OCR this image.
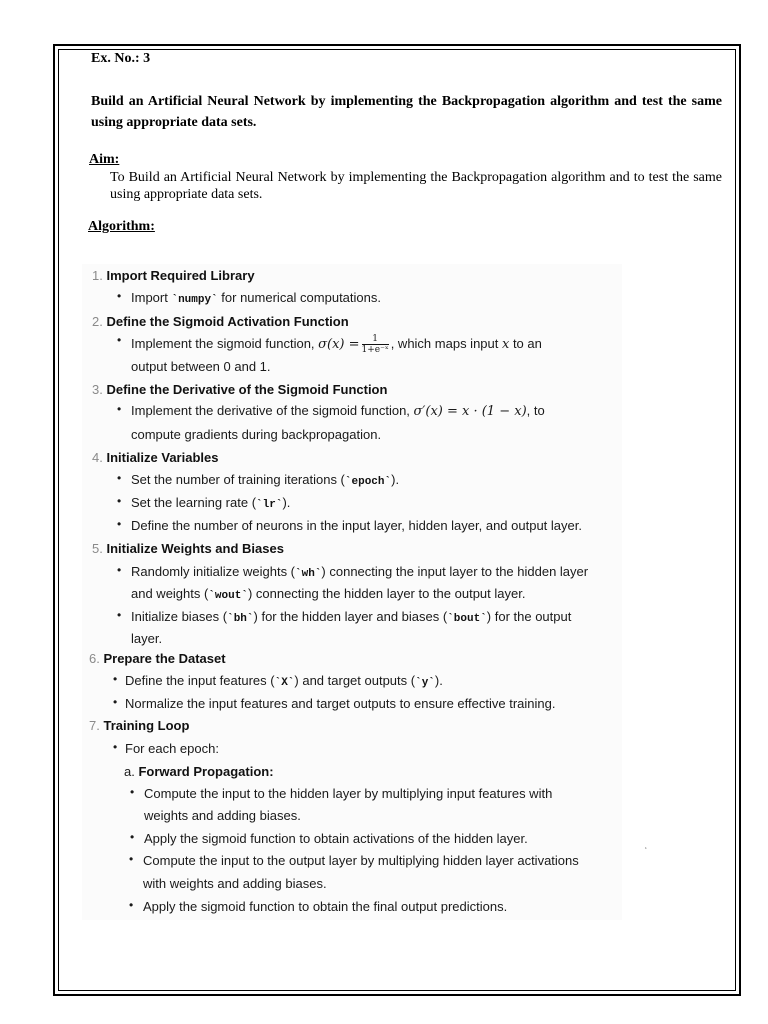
Ex. No.: 3
Build an Artificial Neural Network by implementing the Backpropagation algorithm and test the same using appropriate data sets.
Aim:
To Build an Artificial Neural Network by implementing the Backpropagation algorithm and to test the same using appropriate data sets.
Algorithm:
1. Import Required Library
• Import `numpy` for numerical computations.
2. Define the Sigmoid Activation Function
• Implement the sigmoid function, $\sigma(x) = \frac{1}{\text{1+e⁻ˣ}}$ , which maps input x to an
output between 0 and 1.
3. Define the Derivative of the Sigmoid Function
• Implement the derivative of the sigmoid function, σ′(x) = x · (1 − x), to
compute gradients during backpropagation.
4. Initialize Variables
• Set the number of training iterations (`epoch`).
• Set the learning rate (`lr`).
• Define the number of neurons in the input layer, hidden layer, and output layer.
5. Initialize Weights and Biases
• Randomly initialize weights (`wh`) connecting the input layer to the hidden layer
and weights (`wout`) connecting the hidden layer to the output layer.
• Initialize biases (`bh`) for the hidden layer and biases (`bout`) for the output
layer.
6. Prepare the Dataset
• Define the input features (`X`) and target outputs (`y`).
• Normalize the input features and target outputs to ensure effective training.
7. Training Loop
• For each epoch:
a. Forward Propagation:
• Compute the input to the hidden layer by multiplying input features with
weights and adding biases.
• Apply the sigmoid function to obtain activations of the hidden layer.
• Compute the input to the output layer by multiplying hidden layer activations
with weights and adding biases.
• Apply the sigmoid function to obtain the final output predictions.
‘
